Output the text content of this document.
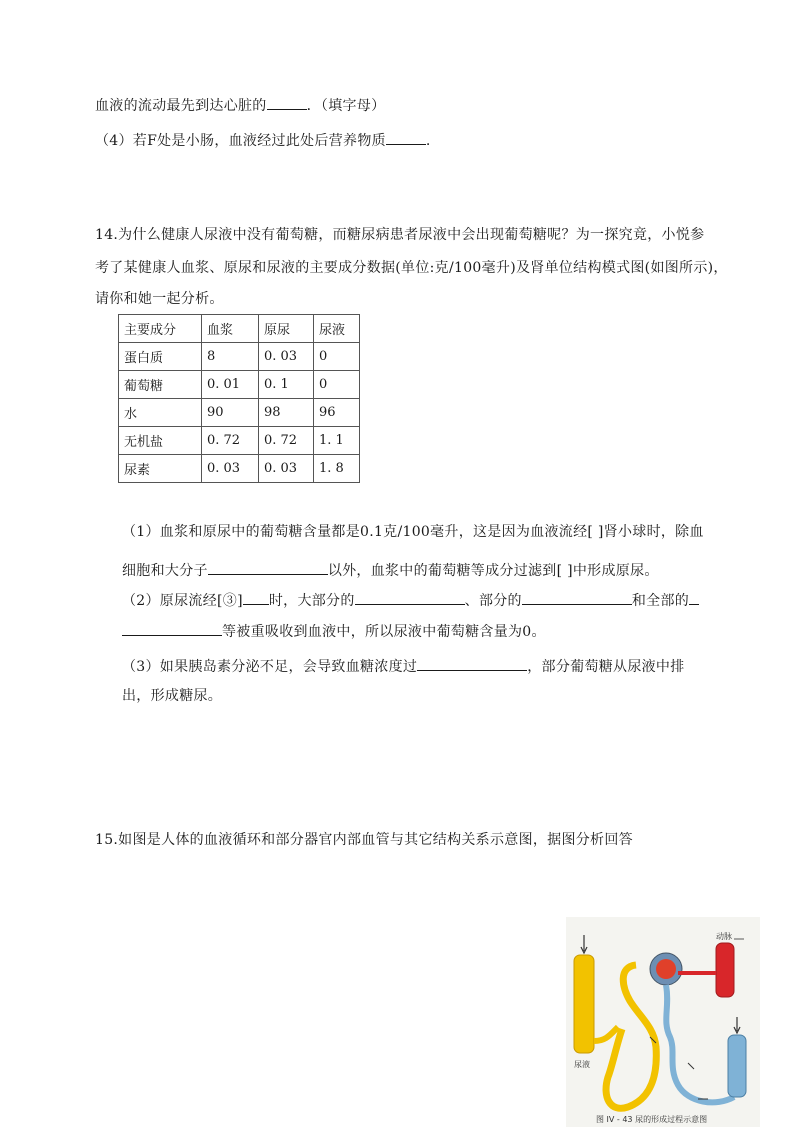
血液的流动最先到达心脏的	．（填字母）
（4）若F处是小肠，血液经过此处后营养物质	.
14.为什么健康人尿液中没有葡萄糖，而糖尿病患者尿液中会出现葡萄糖呢？为一探究竟，小悦参
考了某健康人血浆、原尿和尿液的主要成分数据(单位:克/100毫升)及肾单位结构模式图(如图所示)，
请你和她一起分析。
主要成分	血浆	原尿	尿液
蛋白质	8	0. 03	0
葡萄糖	0. 01	0. 1	0
水	90	98	96
无机盐	0. 72	0. 72	1. 1
尿素	0. 03	0. 03	1. 8
（1）血浆和原尿中的葡萄糖含量都是0.1克/100毫升，这是因为血液流经[ ]肾小球时，除血
细胞和大分子	以外，血浆中的葡萄糖等成分过滤到[ ]中形成原尿。
（2）原尿流经[③] 时，大部分的	、部分的	和全部的
等被重吸收到血液中，所以尿液中葡萄糖含量为0。
（3）如果胰岛素分泌不足，会导致血糖浓度过	，部分葡萄糖从尿液中排
出，形成糖尿。
15.如图是人体的血液循环和部分器官内部血管与其它结构关系示意图，据图分析回答
动脉
尿液
图 IV - 43 尿的形成过程示意图
